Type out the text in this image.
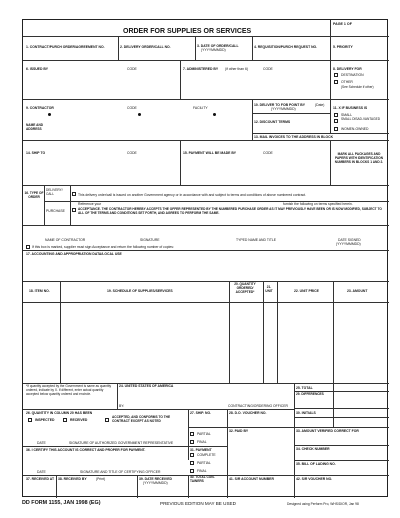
ORDER FOR SUPPLIES OR SERVICES
PAGE 1 OF
1. CONTRACT/PURCH ORDER/AGREEMENT NO.	2. DELIVERY ORDER/CALL NO.	3. DATE OF ORDER/CALL
(YYYYMMMDD)
4. REQUISITION/PURCH REQUEST NO.	5. PRIORITY
6. ISSUED BY	CODE	7. ADMINISTERED BY (if other than 6)	CODE	8. DELIVERY FOR
DESTINATION
OTHER
(See Schedule if other)
9. CONTRACTOR	CODE	FACILITY
NAME AND ADDRESS
10. DELIVER TO FOB POINT BY	(Date)
(YYYYMMMDD)
12. DISCOUNT TERMS
13. MAIL INVOICES TO THE ADDRESS IN BLOCK
11. X IF BUSINESS IS
SMALL
SMALL DISAD-VANTAGED
WOMEN-OWNED
14. SHIP TO	CODE	15. PAYMENT WILL BE MADE BY	CODE	MARK ALL PACKAGES AND PAPERS WITH IDENTIFICATION NUMBERS IN BLOCKS 1 AND 2.
16. TYPE OF ORDER
DELIVERY/ CALL
PURCHASE
This delivery order/call is issued on another Government agency or in accordance with and subject to terms and conditions of above numbered contract.
Reference your	furnish the following on terms specified herein.
ACCEPTANCE. THE CONTRACTOR HEREBY ACCEPTS THE OFFER REPRESENTED BY THE NUMBERED PURCHASE ORDER AS IT MAY PREVIOUSLY HAVE BEEN OR IS NOW MODIFIED, SUBJECT TO ALL OF THE TERMS AND CONDITIONS SET FORTH, AND AGREES TO PERFORM THE SAME.
NAME OF CONTRACTOR	SIGNATURE	TYPED NAME AND TITLE	DATE SIGNED
(YYYYMMMDD)
If this box is marked, supplier must sign Acceptance and return the following number of copies:
17. ACCOUNTING AND APPROPRIATION DATA/LOCAL USE
18. ITEM NO.	19. SCHEDULE OF SUPPLIES/SERVICES
20. QUANTITY ORDERED/ ACCEPTED*
21. UNIT	22. UNIT PRICE	23. AMOUNT
*If quantity accepted by the Government is same as quantity ordered, indicate by X. If different, enter actual quantity accepted below quantity ordered and encircle.
24. UNITED STATES OF AMERICA
BY:	CONTRACTING/ORDERING OFFICER
25. TOTAL
29. DIFFERENCES
26. QUANTITY IN COLUMN 20 HAS BEEN
INSPECTED	RECEIVED
ACCEPTED, AND CONFORMS TO THE CONTRACT EXCEPT AS NOTED
27. SHIP. NO.	28. D.O. VOUCHER NO.	30. INITIALS
PARTIAL
FINAL
32. PAID BY	33. AMOUNT VERIFIED CORRECT FOR
DATE	SIGNATURE OF AUTHORIZED GOVERNMENT REPRESENTATIVE
31. PAYMENT	34. CHECK NUMBER
36. I CERTIFY THIS ACCOUNT IS CORRECT AND PROPER FOR PAYMENT.
COMPLETE
PARTIAL
FINAL
35. BILL OF LADING NO.
DATE	SIGNATURE AND TITLE OF CERTIFYING OFFICER
37. RECEIVED AT 38. RECEIVED BY	(Print)	39. DATE RECEIVED
(YYYYMMMDD)
40. TOTAL CON-TAINERS	41. S/R ACCOUNT NUMBER	42. S/R VOUCHER NO.
DD FORM 1155, JAN 1998 (EG)	PREVIOUS EDITION MAY BE USED	Designed using Perform Pro, WHS/DIOR, Jan 98
